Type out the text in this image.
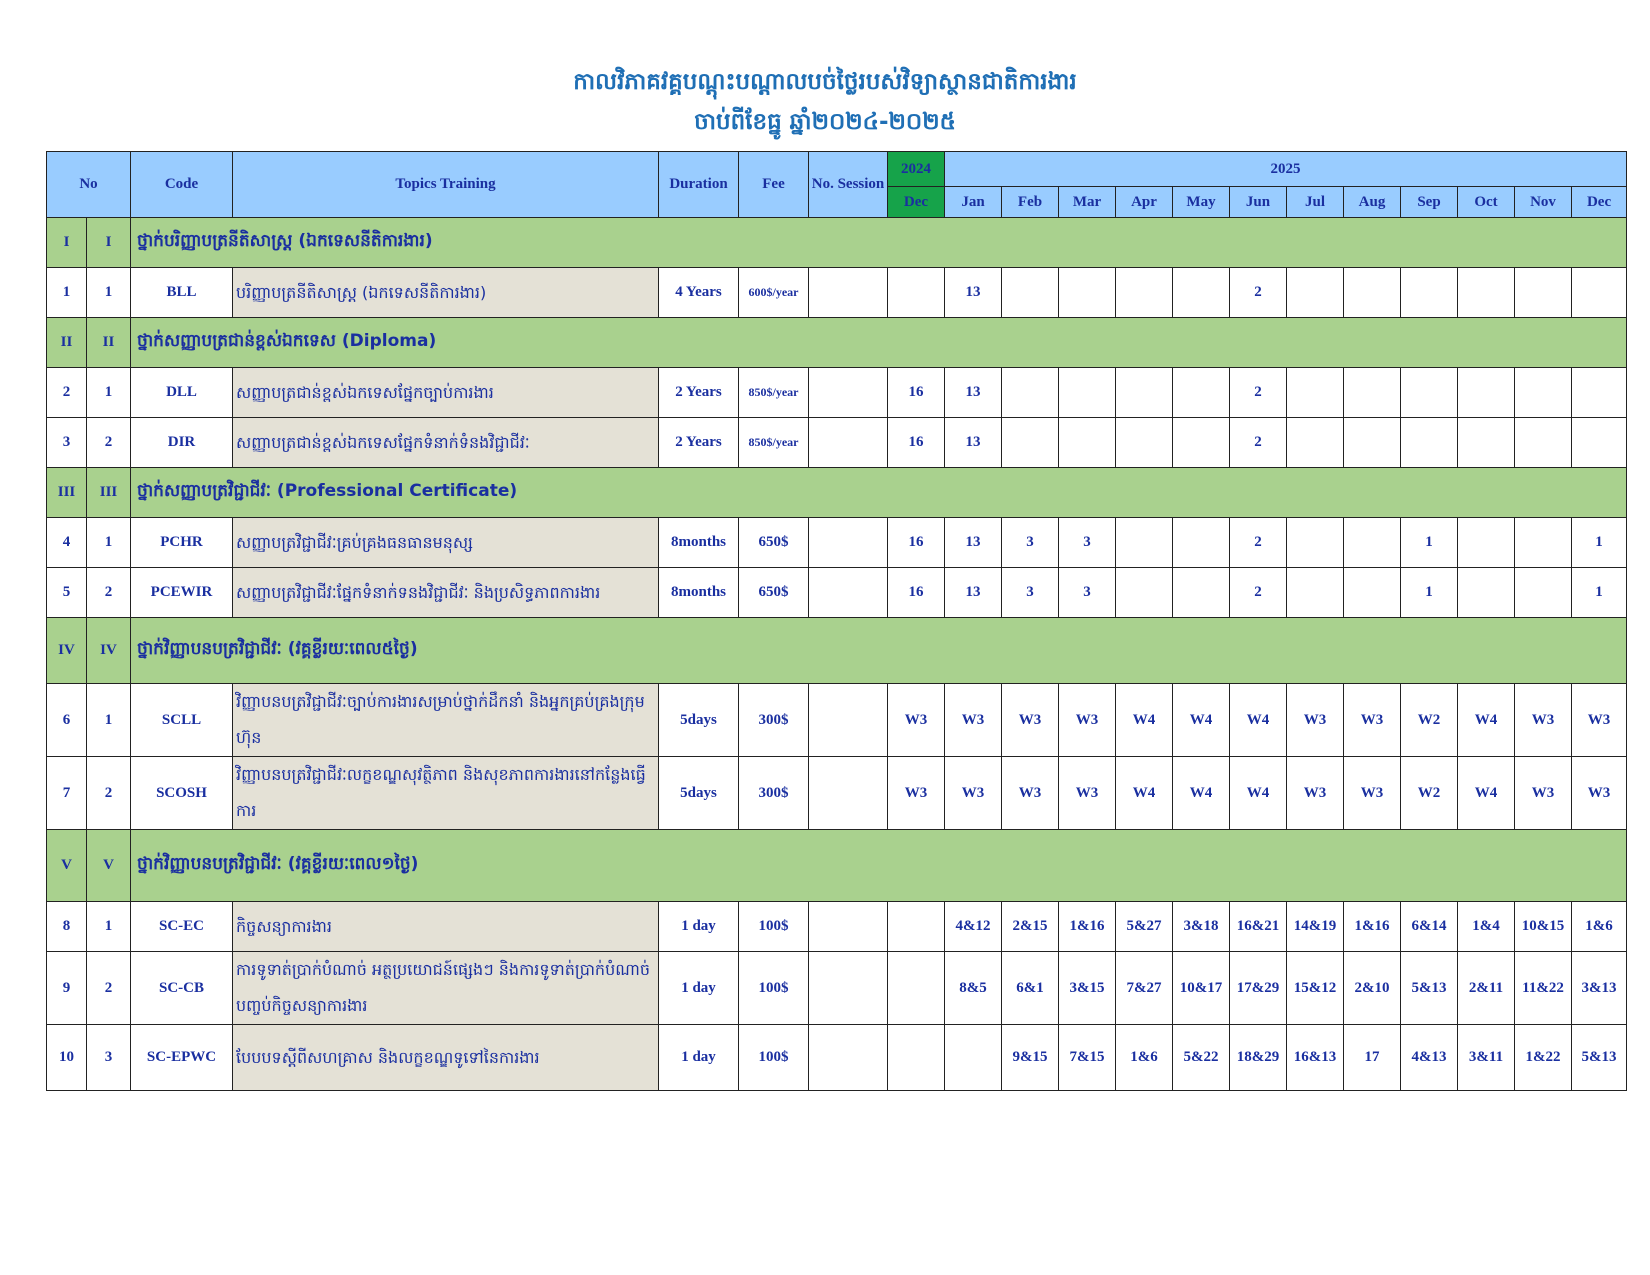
កាលវិភាគវគ្គបណ្តុះបណ្តាលបច់ថ្លៃរបស់វិទ្យាស្ថានជាតិការងារ
ចាប់ពីខែធ្នូ ឆ្នាំ២០២៤-២០២៥
No		Code	Topics Training	Duration	Fee	No. Session	2024	2025											
							Dec	Jan	Feb	Mar	Apr	May	Jun	Jul	Aug	Sep	Oct	Nov	Dec
I	I	ថ្នាក់បរិញ្ញាបត្រនីតិសាស្ត្រ (ឯកទេសនីតិការងារ)																	
1	1	BLL	បរិញ្ញាបត្រនីតិសាស្ត្រ (ឯកទេសនីតិការងារ)	4 Years	600$/year			13					2						
II	II	ថ្នាក់សញ្ញាបត្រជាន់ខ្ពស់ឯកទេស (Diploma)																	
2	1	DLL	សញ្ញាបត្រជាន់ខ្ពស់ឯកទេសផ្នែកច្បាប់ការងារ	2 Years	850$/year		16	13					2						
3	2	DIR	សញ្ញាបត្រជាន់ខ្ពស់ឯកទេសផ្នែកទំនាក់ទំនងវិជ្ជាជីវៈ	2 Years	850$/year		16	13					2						
III	III	ថ្នាក់សញ្ញាបត្រវិជ្ជាជីវៈ (Professional Certificate)																	
4	1	PCHR	សញ្ញាបត្រវិជ្ជាជីវៈគ្រប់គ្រងធនធានមនុស្ស	8months	650$		16	13	3	3			2			1			1
5	2	PCEWIR	សញ្ញាបត្រវិជ្ជាជីវៈផ្នែកទំនាក់ទនងវិជ្ជាជីវៈ និងប្រសិទ្ធភាពការងារ	8months	650$		16	13	3	3			2			1			1
IV	IV	ថ្នាក់វិញ្ញាបនបត្រវិជ្ជាជីវៈ (វគ្គខ្លីរយៈពេល៥ថ្ងៃ)																	
6	1	SCLL	វិញ្ញាបនបត្រវិជ្ជាជីវៈច្បាប់ការងារសម្រាប់ថ្នាក់ដឹកនាំ និងអ្នកគ្រប់គ្រងក្រុមហ៊ុន	5days	300$		W3	W3	W3	W3	W4	W4	W4	W3	W3	W2	W4	W3	W3
7	2	SCOSH	វិញ្ញាបនបត្រវិជ្ជាជីវៈលក្ខខណ្ឌសុវត្ថិភាព និងសុខភាពការងារនៅកន្លែងធ្វើការ	5days	300$		W3	W3	W3	W3	W4	W4	W4	W3	W3	W2	W4	W3	W3
V	V	ថ្នាក់វិញ្ញាបនបត្រវិជ្ជាជីវៈ (វគ្គខ្លីរយៈពេល១ថ្ងៃ)																	
8	1	SC-EC	កិច្ចសន្យាការងារ	1 day	100$			4&12	2&15	1&16	5&27	3&18	16&21	14&19	1&16	6&14	1&4	10&15	1&6
9	2	SC-CB	ការទូទាត់ប្រាក់បំណាច់ អត្ថប្រយោជន៍ផ្សេងៗ និងការទូទាត់ប្រាក់បំណាច់បញ្ចប់កិច្ចសន្យាការងារ	1 day	100$			8&5	6&1	3&15	7&27	10&17	17&29	15&12	2&10	5&13	2&11	11&22	3&13
10	3	SC-EPWC	បែបបទស្ដីពីសហគ្រាស និងលក្ខខណ្ឌទូទៅនៃការងារ	1 day	100$				9&15	7&15	1&6	5&22	18&29	16&13	17	4&13	3&11	1&22	5&13
